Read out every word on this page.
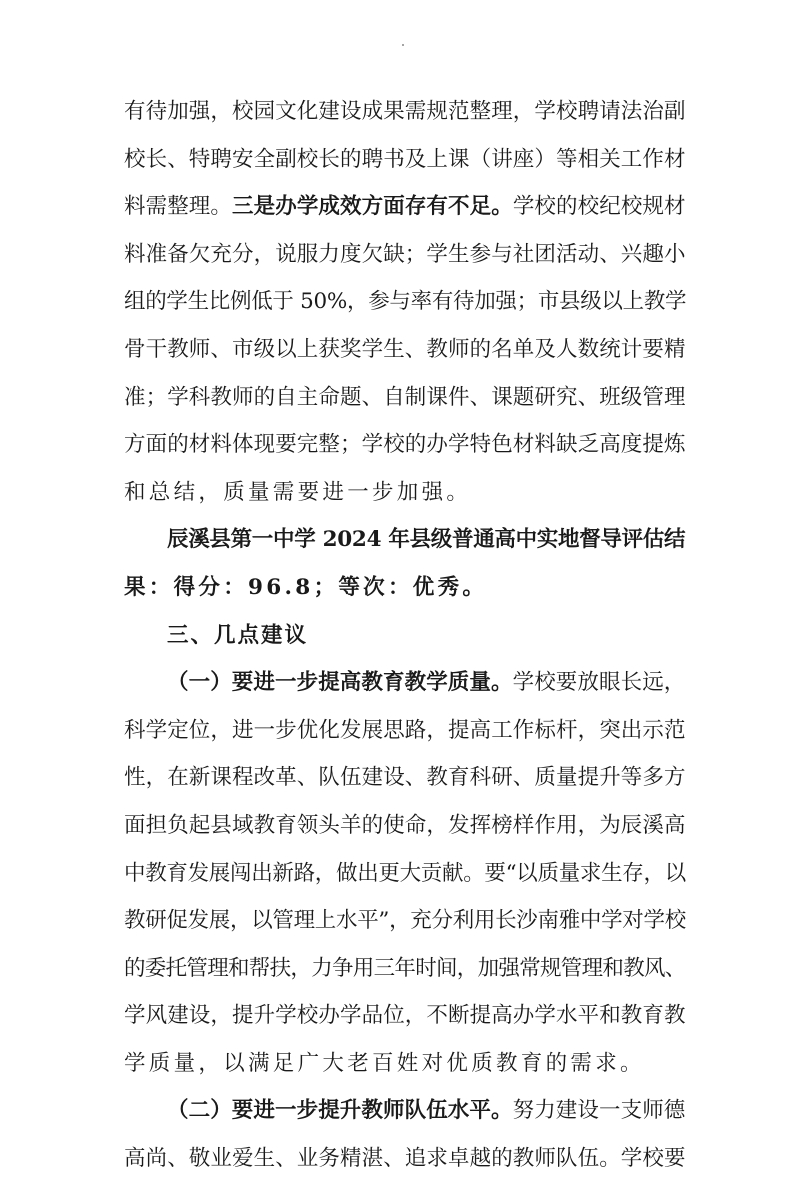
有待加强，校园文化建设成果需规范整理，学校聘请法治副
校长、特聘安全副校长的聘书及上课（讲座）等相关工作材
料需整理。三是办学成效方面存有不足。学校的校纪校规材
料准备欠充分，说服力度欠缺；学生参与社团活动、兴趣小
组的学生比例低于 50%，参与率有待加强；市县级以上教学
骨干教师、市级以上获奖学生、教师的名单及人数统计要精
准；学科教师的自主命题、自制课件、课题研究、班级管理
方面的材料体现要完整；学校的办学特色材料缺乏高度提炼
和总结，质量需要进一步加强。
辰溪县第一中学 2024 年县级普通高中实地督导评估结
果：得分：96.8；等次：优秀。
三、几点建议
（一）要进一步提高教育教学质量。学校要放眼长远，
科学定位，进一步优化发展思路，提高工作标杆，突出示范
性，在新课程改革、队伍建设、教育科研、质量提升等多方
面担负起县域教育领头羊的使命，发挥榜样作用，为辰溪高
中教育发展闯出新路，做出更大贡献。要“以质量求生存，以
教研促发展，以管理上水平”，充分利用长沙南雅中学对学校
的委托管理和帮扶，力争用三年时间，加强常规管理和教风、
学风建设，提升学校办学品位，不断提高办学水平和教育教
学质量，以满足广大老百姓对优质教育的需求。
（二）要进一步提升教师队伍水平。努力建设一支师德
高尚、敬业爱生、业务精湛、追求卓越的教师队伍。学校要
